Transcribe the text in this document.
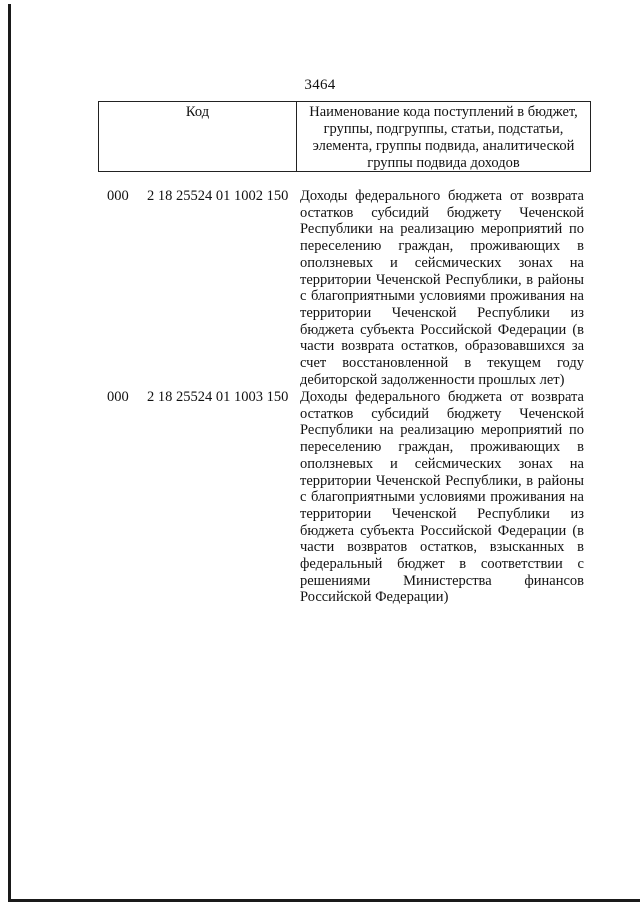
3464
Код	Наименование кода поступлений в бюджет, группы, подгруппы, статьи, подстатьи, элемента, группы подвида, аналитической группы подвида доходов
000 2 18 25524 01 1002 150 Доходы федерального бюджета от возврата остатков субсидий бюджету Чеченской Республики на реализацию мероприятий по переселению граждан, проживающих в оползневых и сейсмических зонах на территории Чеченской Республики, в районы с благоприятными условиями проживания на территории Чеченской Республики из бюджета субъекта Российской Федерации (в части возврата остатков, образовавшихся за счет восстановленной в текущем году дебиторской задолженности прошлых лет)
000 2 18 25524 01 1003 150 Доходы федерального бюджета от возврата остатков субсидий бюджету Чеченской Республики на реализацию мероприятий по переселению граждан, проживающих в оползневых и сейсмических зонах на территории Чеченской Республики, в районы с благоприятными условиями проживания на территории Чеченской Республики из бюджета субъекта Российской Федерации (в части возвратов остатков, взысканных в федеральный бюджет в соответствии с решениями Министерства финансов Российской Федерации)
